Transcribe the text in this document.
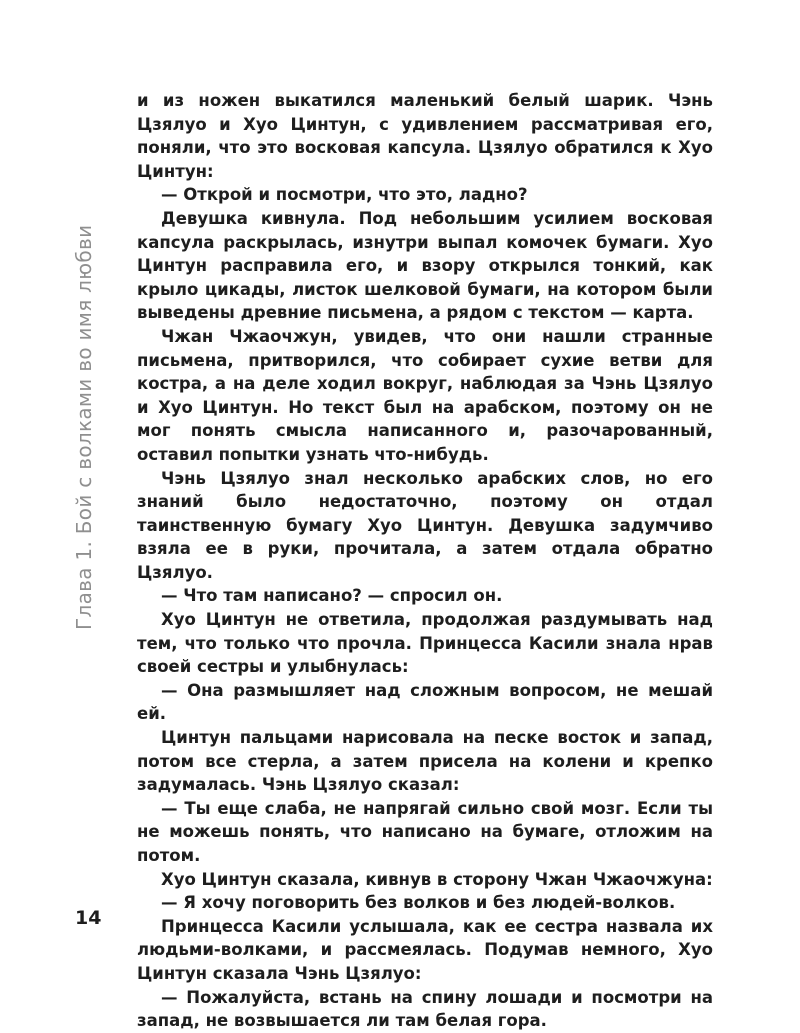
Глава 1. Бой с волками во имя любви

и из ножен выкатился маленький белый шарик. Чэнь Цзялуо и Хуо Цинтун, с удивлением рассматривая его, поняли, что это восковая капсула. Цзялуо обратился к Хуо Цинтун:

— Открой и посмотри, что это, ладно?

Девушка кивнула. Под небольшим усилием восковая капсула раскрылась, изнутри выпал комочек бумаги. Хуо Цинтун расправила его, и взору открылся тонкий, как крыло цикады, листок шелковой бумаги, на котором были выведены древние письмена, а рядом с текстом — карта.

Чжан Чжаочжун, увидев, что они нашли странные письмена, притворился, что собирает сухие ветви для костра, а на деле ходил вокруг, наблюдая за Чэнь Цзялуо и Хуо Цинтун. Но текст был на арабском, поэтому он не мог понять смысла написанного и, разочарованный, оставил попытки узнать что-нибудь.

Чэнь Цзялуо знал несколько арабских слов, но его знаний было недостаточно, поэтому он отдал таинственную бумагу Хуо Цинтун. Девушка задумчиво взяла ее в руки, прочитала, а затем отдала обратно Цзялуо.

— Что там написано? — спросил он.

Хуо Цинтун не ответила, продолжая раздумывать над тем, что только что прочла. Принцесса Касили знала нрав своей сестры и улыбнулась:

— Она размышляет над сложным вопросом, не мешай ей.

Цинтун пальцами нарисовала на песке восток и запад, потом все стерла, а затем присела на колени и крепко задумалась. Чэнь Цзялуо сказал:

— Ты еще слаба, не напрягай сильно свой мозг. Если ты не можешь понять, что написано на бумаге, отложим на потом.

Хуо Цинтун сказала, кивнув в сторону Чжан Чжаочжуна:

— Я хочу поговорить без волков и без людей-волков.

Принцесса Касили услышала, как ее сестра назвала их людьми-волками, и рассмеялась. Подумав немного, Хуо Цинтун сказала Чэнь Цзялуо:

— Пожалуйста, встань на спину лошади и посмотри на запад, не возвышается ли там белая гора.

14
